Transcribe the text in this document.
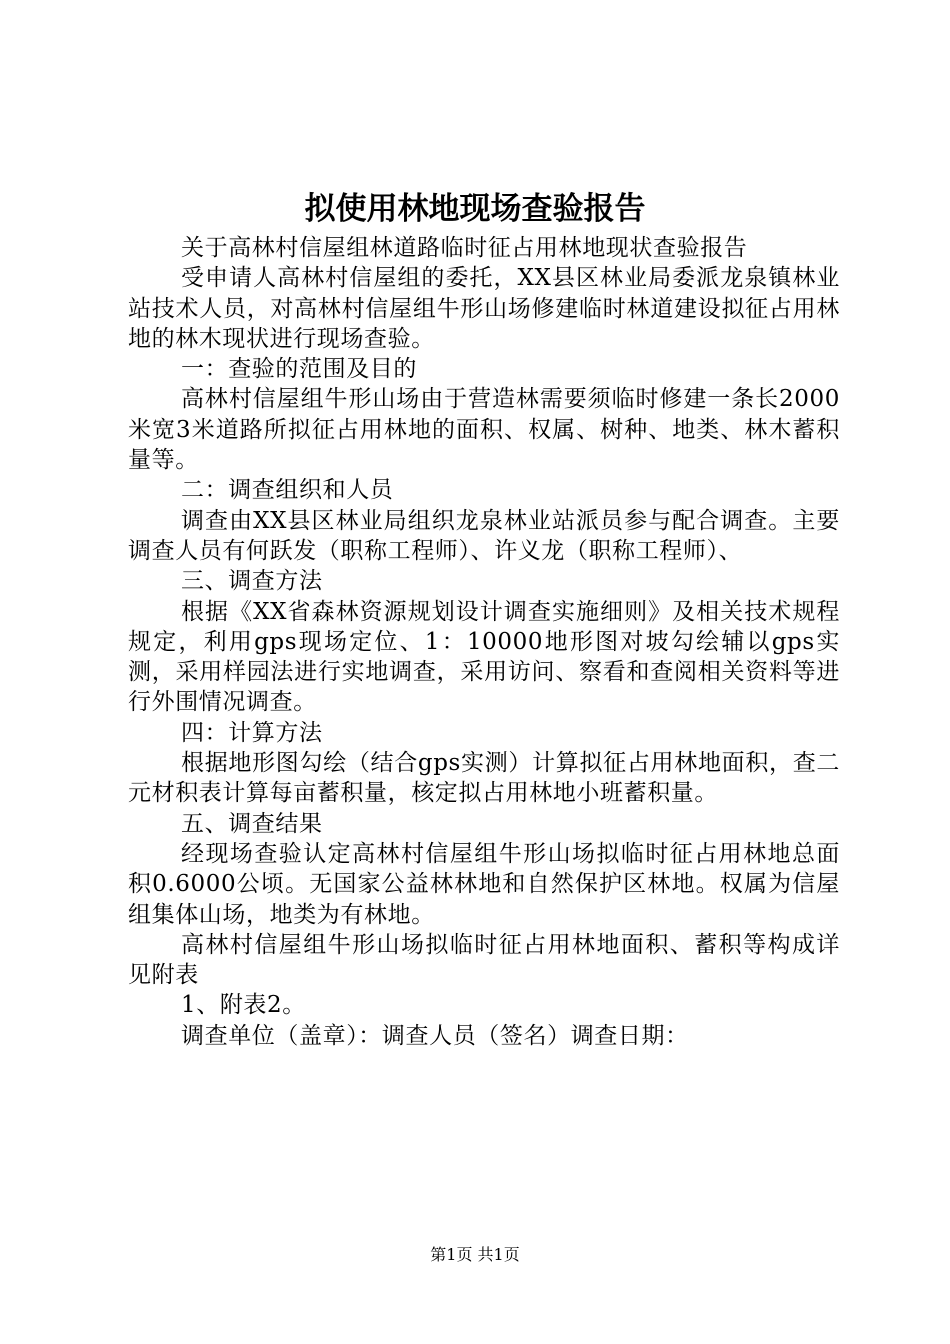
拟使用林地现场查验报告

关于高林村信屋组林道路临时征占用林地现状查验报告

受申请人高林村信屋组的委托，XX县区林业局委派龙泉镇林业站技术人员，对高林村信屋组牛形山场修建临时林道建设拟征占用林地的林木现状进行现场查验。

一：查验的范围及目的

高林村信屋组牛形山场由于营造林需要须临时修建一条长2000米宽3米道路所拟征占用林地的面积、权属、树种、地类、林木蓄积量等。

二：调查组织和人员

调查由XX县区林业局组织龙泉林业站派员参与配合调查。主要调查人员有何跃发（职称工程师）、许义龙（职称工程师）、

三、调查方法

根据《XX省森林资源规划设计调查实施细则》及相关技术规程规定，利用gps现场定位、1：10000地形图对坡勾绘辅以gps实测，采用样园法进行实地调查，采用访问、察看和查阅相关资料等进行外围情况调查。

四：计算方法

根据地形图勾绘（结合gps实测）计算拟征占用林地面积，查二元材积表计算每亩蓄积量，核定拟占用林地小班蓄积量。

五、调查结果

经现场查验认定高林村信屋组牛形山场拟临时征占用林地总面积0.6000公顷。无国家公益林林地和自然保护区林地。权属为信屋组集体山场，地类为有林地。

高林村信屋组牛形山场拟临时征占用林地面积、蓄积等构成详见附表

1、附表2。

调查单位（盖章）：调查人员（签名）调查日期：

第1页 共1页
